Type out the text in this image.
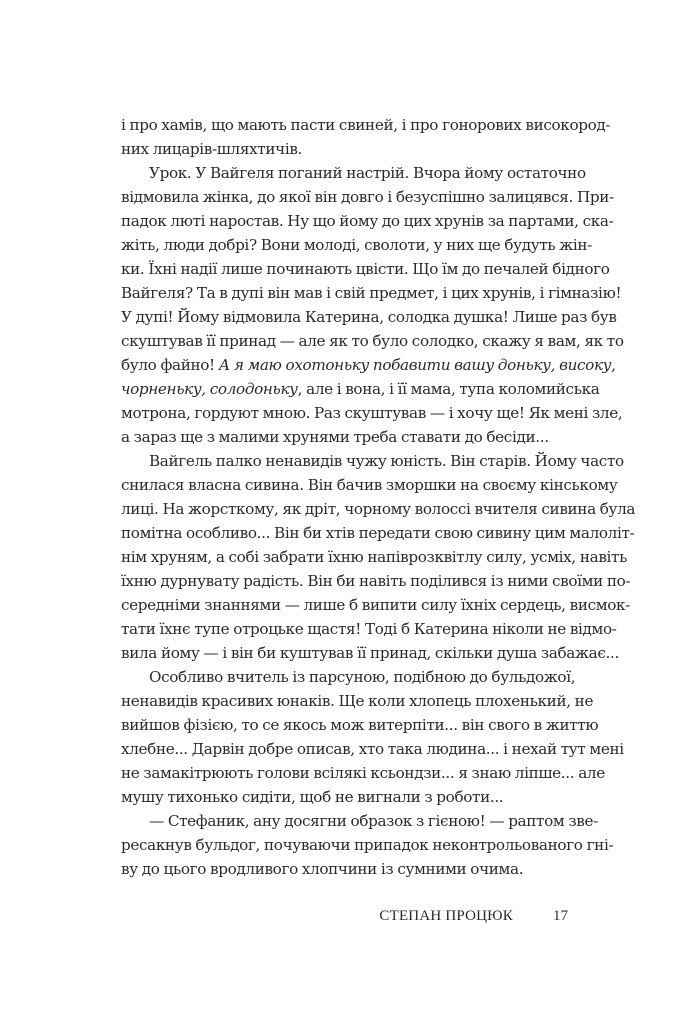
і про хамів, що мають пасти свиней, і про гонорових високород-
них лицарів-шляхтичів.
Урок. У Вайгеля поганий настрій. Вчора йому остаточно
відмовила жінка, до якої він довго і безуспішно залицявся. При-
падок люті наростав. Ну що йому до цих хрунів за партами, ска-
жіть, люди добрі? Вони молоді, сволоти, у них ще будуть жін-
ки. Їхні надії лише починають цвісти. Що їм до печалей бідного
Вайгеля? Та в дупі він мав і свій предмет, і цих хрунів, і гімназію!
У дупі! Йому відмовила Катерина, солодка душка! Лише раз був
скуштував її принад — але як то було солодко, скажу я вам, як то
було файно! А я маю охотоньку побавити вашу доньку, високу,
чорненьку, солодоньку, але і вона, і її мама, тупа коломийська
мотрона, гордуют мною. Раз скуштував — і хочу ще! Як мені зле,
а зараз ще з малими хрунями треба ставати до бесіди...
Вайгель палко ненавидів чужу юність. Він старів. Йому часто
снилася власна сивина. Він бачив зморшки на своєму кінському
лиці. На жорсткому, як дріт, чорному волоссі вчителя сивина була
помітна особливо... Він би хтів передати свою сивину цим малоліт-
нім хруням, а собі забрати їхню напіврозквітлу силу, усміх, навіть
їхню дурнувату радість. Він би навіть поділився із ними своїми по-
середніми знаннями — лише б випити силу їхніх сердець, висмок-
тати їхнє тупе отроцьке щастя! Тоді б Катерина ніколи не відмо-
вила йому — і він би куштував її принад, скільки душа забажає...
Особливо вчитель із парсуною, подібною до бульдожої,
ненавидів красивих юнаків. Ще коли хлопець плохенький, не
вийшов фізією, то се якось мож витерпіти... він свого в життю
хлебне... Дарвін добре описав, хто така людина... і нехай тут мені
не замакітрюють голови всілякі ксьондзи... я знаю ліпше... але
мушу тихонько сидіти, щоб не вигнали з роботи...
— Стефаник, ану досягни образок з гієною! — раптом зве-
ресакнув бульдог, почуваючи припадок неконтрольованого гні-
ву до цього вродливого хлопчини із сумними очима.
СТЕПАН ПРОЦЮК	17
